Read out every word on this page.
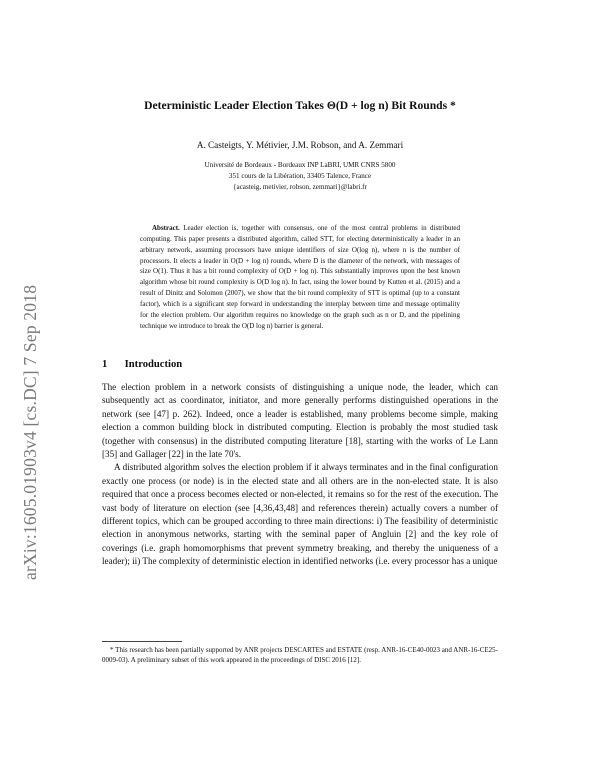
arXiv:1605.01903v4 [cs.DC] 7 Sep 2018
Deterministic Leader Election Takes Θ(D + log n) Bit Rounds *
A. Casteigts, Y. Métivier, J.M. Robson, and A. Zemmari
Université de Bordeaux - Bordeaux INP LaBRI, UMR CNRS 5800
351 cours de la Libération, 33405 Talence, France
{acasteig, metivier, robson, zemmari}@labri.fr
Abstract. Leader election is, together with consensus, one of the most central problems in distributed computing. This paper presents a distributed algorithm, called STT, for electing deterministically a leader in an arbitrary network, assuming processors have unique identifiers of size O(log n), where n is the number of processors. It elects a leader in O(D + log n) rounds, where D is the diameter of the network, with messages of size O(1). Thus it has a bit round complexity of O(D + log n). This substantially improves upon the best known algorithm whose bit round complexity is O(D log n). In fact, using the lower bound by Kutten et al. (2015) and a result of Dinitz and Solomon (2007), we show that the bit round complexity of STT is optimal (up to a constant factor), which is a significant step forward in understanding the interplay between time and message optimality for the election problem. Our algorithm requires no knowledge on the graph such as n or D, and the pipelining technique we introduce to break the O(D log n) barrier is general.
1 Introduction

The election problem in a network consists of distinguishing a unique node, the leader, which can subsequently act as coordinator, initiator, and more generally performs distinguished operations in the network (see [47] p. 262). Indeed, once a leader is established, many problems become simple, making election a common building block in distributed computing. Election is probably the most studied task (together with consensus) in the distributed computing literature [18], starting with the works of Le Lann [35] and Gallager [22] in the late 70's.

A distributed algorithm solves the election problem if it always terminates and in the final configuration exactly one process (or node) is in the elected state and all others are in the non-elected state. It is also required that once a process becomes elected or non-elected, it remains so for the rest of the execution. The vast body of literature on election (see [4,36,43,48] and references therein) actually covers a number of different topics, which can be grouped according to three main directions: i) The feasibility of deterministic election in anonymous networks, starting with the seminal paper of Angluin [2] and the key role of coverings (i.e. graph homomorphisms that prevent symmetry breaking, and thereby the uniqueness of a leader); ii) The complexity of deterministic election in identified networks (i.e. every processor has a unique

* This research has been partially supported by ANR projects DESCARTES and ESTATE (resp. ANR-16-CE40-0023 and ANR-16-CE25-0009-03). A preliminary subset of this work appeared in the proceedings of DISC 2016 [12].
